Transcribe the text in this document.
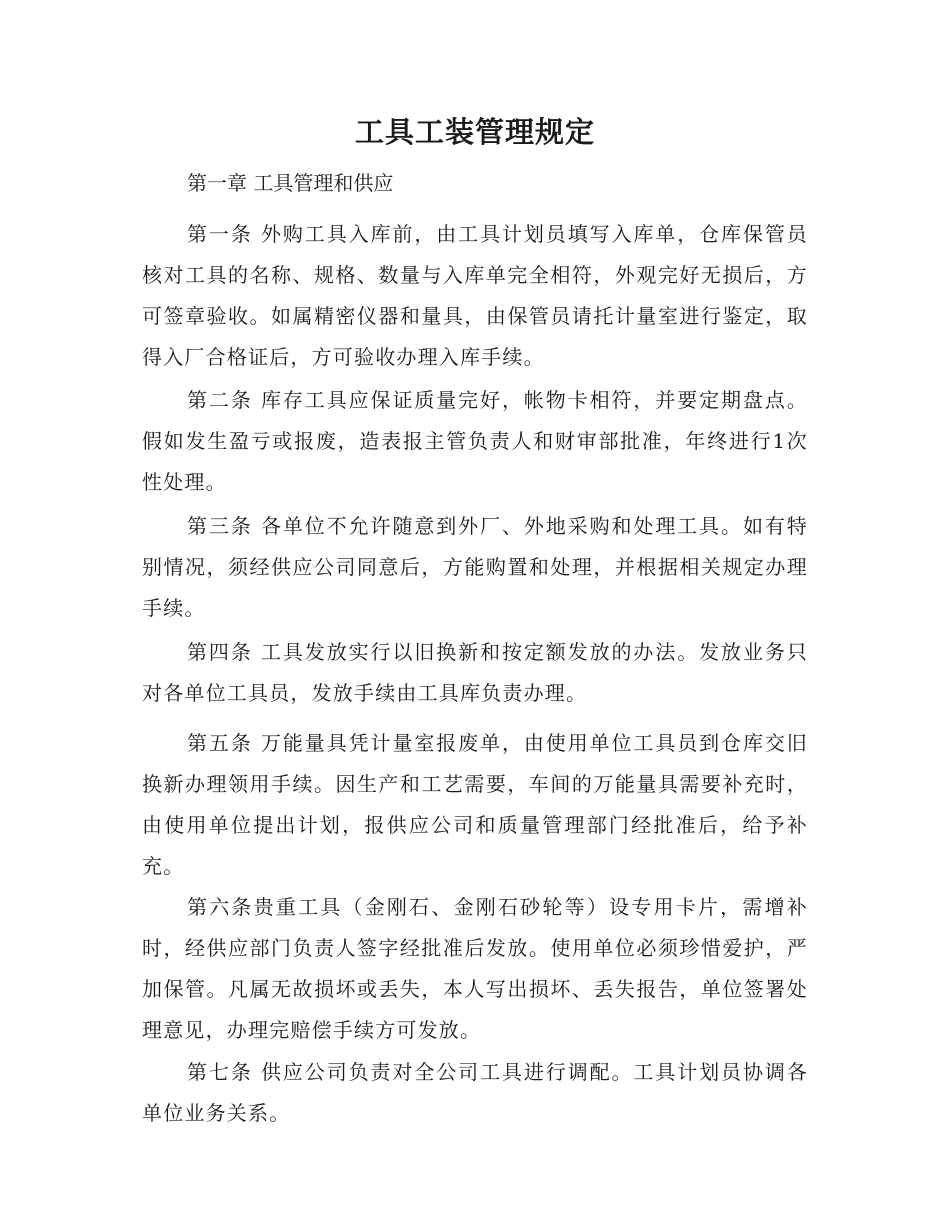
工具工装管理规定

第一章 工具管理和供应

第一条 外购工具入库前，由工具计划员填写入库单，仓库保管员核对工具的名称、规格、数量与入库单完全相符，外观完好无损后，方可签章验收。如属精密仪器和量具，由保管员请托计量室进行鉴定，取得入厂合格证后，方可验收办理入库手续。

第二条 库存工具应保证质量完好，帐物卡相符，并要定期盘点。假如发生盈亏或报废，造表报主管负责人和财审部批准，年终进行1次性处理。

第三条 各单位不允许随意到外厂、外地采购和处理工具。如有特别情况，须经供应公司同意后，方能购置和处理，并根据相关规定办理手续。

第四条 工具发放实行以旧换新和按定额发放的办法。发放业务只对各单位工具员，发放手续由工具库负责办理。

第五条 万能量具凭计量室报废单，由使用单位工具员到仓库交旧换新办理领用手续。因生产和工艺需要，车间的万能量具需要补充时，由使用单位提出计划，报供应公司和质量管理部门经批准后，给予补充。

第六条贵重工具（金刚石、金刚石砂轮等）设专用卡片，需增补时，经供应部门负责人签字经批准后发放。使用单位必须珍惜爱护，严加保管。凡属无故损坏或丢失，本人写出损坏、丢失报告，单位签署处理意见，办理完赔偿手续方可发放。

第七条 供应公司负责对全公司工具进行调配。工具计划员协调各单位业务关系。
